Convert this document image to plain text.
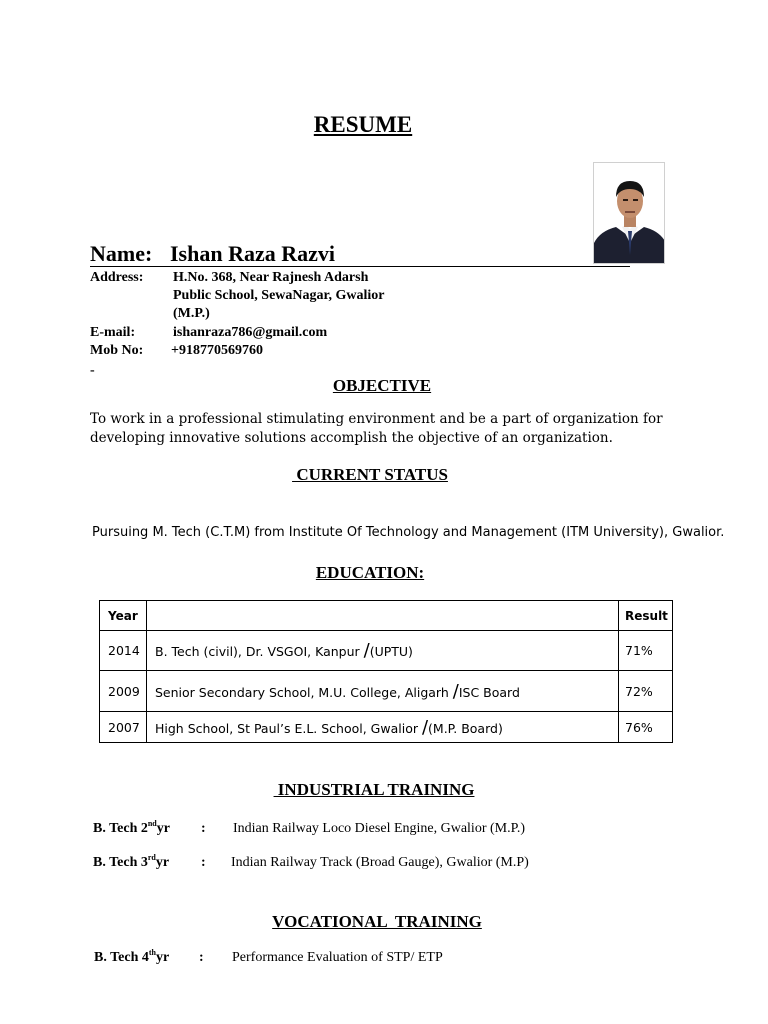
RESUME
Name: Ishan Raza Razvi
Address: H.No. 368, Near Rajnesh Adarsh
Public School, SewaNagar, Gwalior
(M.P.)
E-mail:	ishanraza786@gmail.com
Mob No: +918770569760
-
OBJECTIVE
To work in a professional stimulating environment and be a part of organization for
developing innovative solutions accomplish the objective of an organization.
CURRENT STATUS
Pursuing M. Tech (C.T.M) from Institute Of Technology and Management (ITM University), Gwalior.
EDUCATION:
Year		Result
2014	B. Tech (civil), Dr. VSGOI, Kanpur /(UPTU)	71%
2009	Senior Secondary School, M.U. College, Aligarh /ISC Board	72%
2007	High School, St Paul’s E.L. School, Gwalior /(M.P. Board)	76%
INDUSTRIAL TRAINING
B. Tech 2ndyr : Indian Railway Loco Diesel Engine, Gwalior (M.P.)
B. Tech 3rdyr : Indian Railway Track (Broad Gauge), Gwalior (M.P)
VOCATIONAL  TRAINING
B. Tech 4thyr : Performance Evaluation of STP/ ETP
